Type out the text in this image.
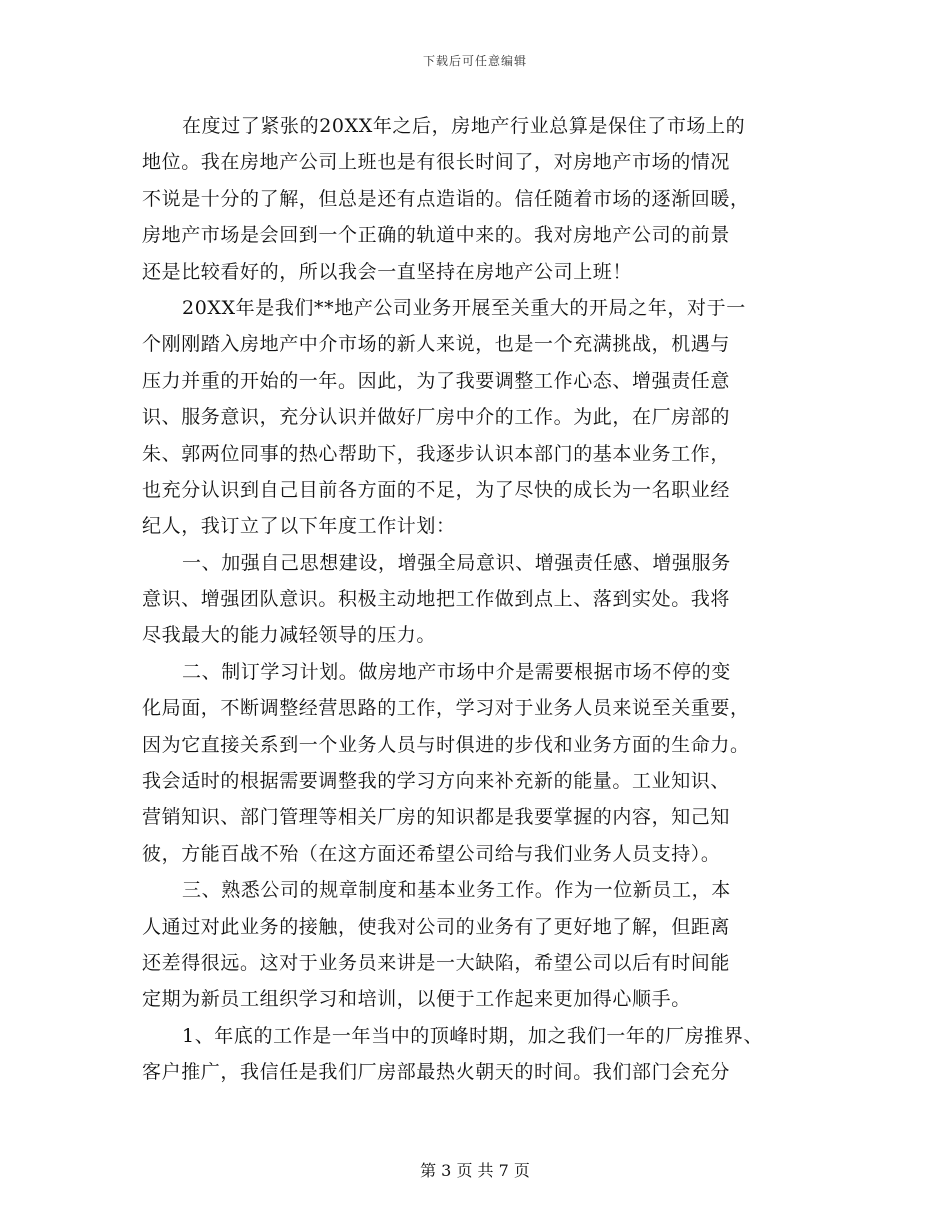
下载后可任意编辑
在度过了紧张的20XX年之后，房地产行业总算是保住了市场上的
地位。我在房地产公司上班也是有很长时间了，对房地产市场的情况
不说是十分的了解，但总是还有点造诣的。信任随着市场的逐渐回暖，
房地产市场是会回到一个正确的轨道中来的。我对房地产公司的前景
还是比较看好的，所以我会一直坚持在房地产公司上班！
20XX年是我们**地产公司业务开展至关重大的开局之年，对于一
个刚刚踏入房地产中介市场的新人来说，也是一个充满挑战，机遇与
压力并重的开始的一年。因此，为了我要调整工作心态、增强责任意
识、服务意识，充分认识并做好厂房中介的工作。为此，在厂房部的
朱、郭两位同事的热心帮助下，我逐步认识本部门的基本业务工作，
也充分认识到自己目前各方面的不足，为了尽快的成长为一名职业经
纪人，我订立了以下年度工作计划：
一、加强自己思想建设，增强全局意识、增强责任感、增强服务
意识、增强团队意识。积极主动地把工作做到点上、落到实处。我将
尽我最大的能力减轻领导的压力。
二、制订学习计划。做房地产市场中介是需要根据市场不停的变
化局面，不断调整经营思路的工作，学习对于业务人员来说至关重要，
因为它直接关系到一个业务人员与时俱进的步伐和业务方面的生命力。
我会适时的根据需要调整我的学习方向来补充新的能量。工业知识、
营销知识、部门管理等相关厂房的知识都是我要掌握的内容，知己知
彼，方能百战不殆（在这方面还希望公司给与我们业务人员支持）。
三、熟悉公司的规章制度和基本业务工作。作为一位新员工，本
人通过对此业务的接触，使我对公司的业务有了更好地了解，但距离
还差得很远。这对于业务员来讲是一大缺陷，希望公司以后有时间能
定期为新员工组织学习和培训，以便于工作起来更加得心顺手。
1、年底的工作是一年当中的顶峰时期，加之我们一年的厂房推界、
客户推广，我信任是我们厂房部最热火朝天的时间。我们部门会充分
第 3 页 共 7 页
